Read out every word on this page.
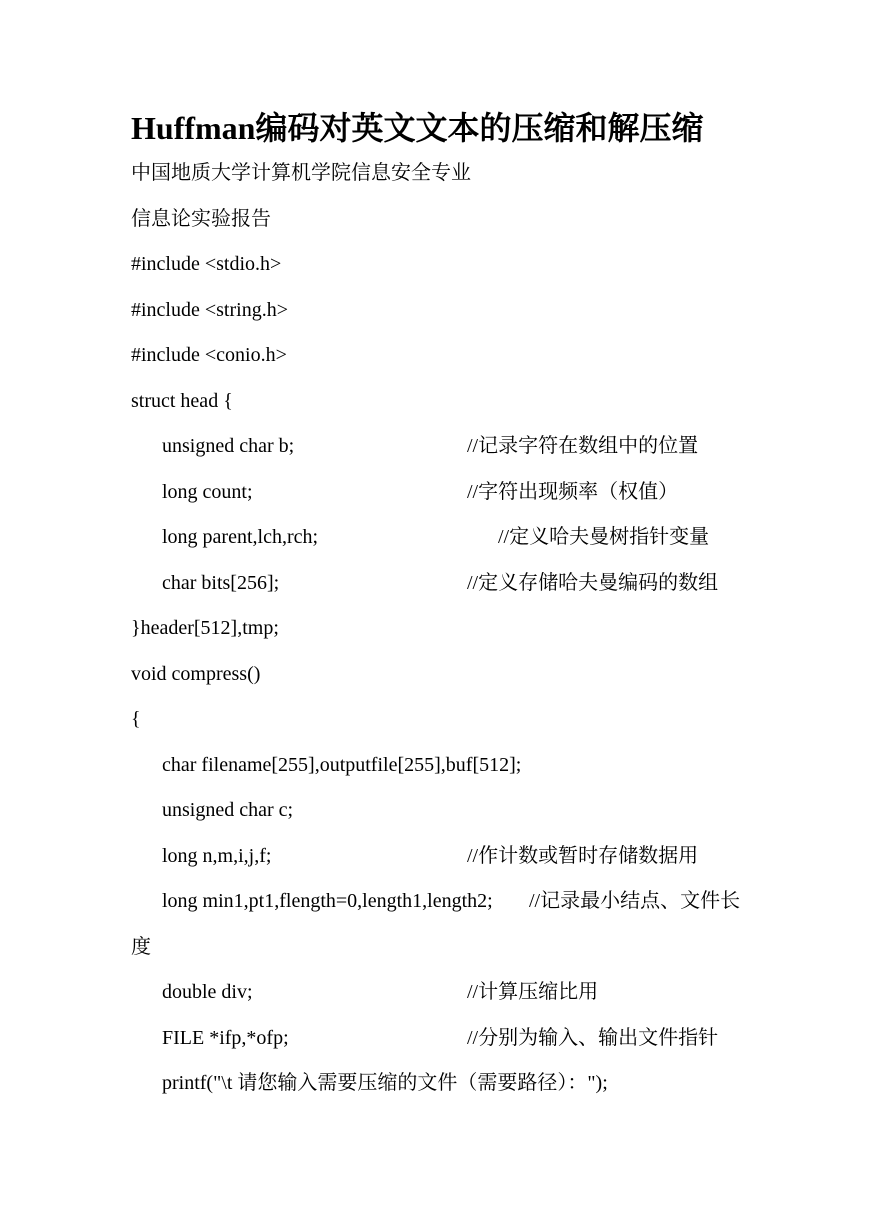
Huffman编码对英文文本的压缩和解压缩
中国地质大学计算机学院信息安全专业
信息论实验报告
#include <stdio.h>
#include <string.h>
#include <conio.h>
struct head {
unsigned char b;	//记录字符在数组中的位置
long count;	//字符出现频率（权值）
long parent,lch,rch;	//定义哈夫曼树指针变量
char bits[256];	//定义存储哈夫曼编码的数组
}header[512],tmp;
void compress()
{
char filename[255],outputfile[255],buf[512];
unsigned char c;
long n,m,i,j,f;	//作计数或暂时存储数据用
long min1,pt1,flength=0,length1,length2; //记录最小结点、文件长
度
double div;	//计算压缩比用
FILE *ifp,*ofp;	//分别为输入、输出文件指针
printf("\t 请您输入需要压缩的文件（需要路径）：");
